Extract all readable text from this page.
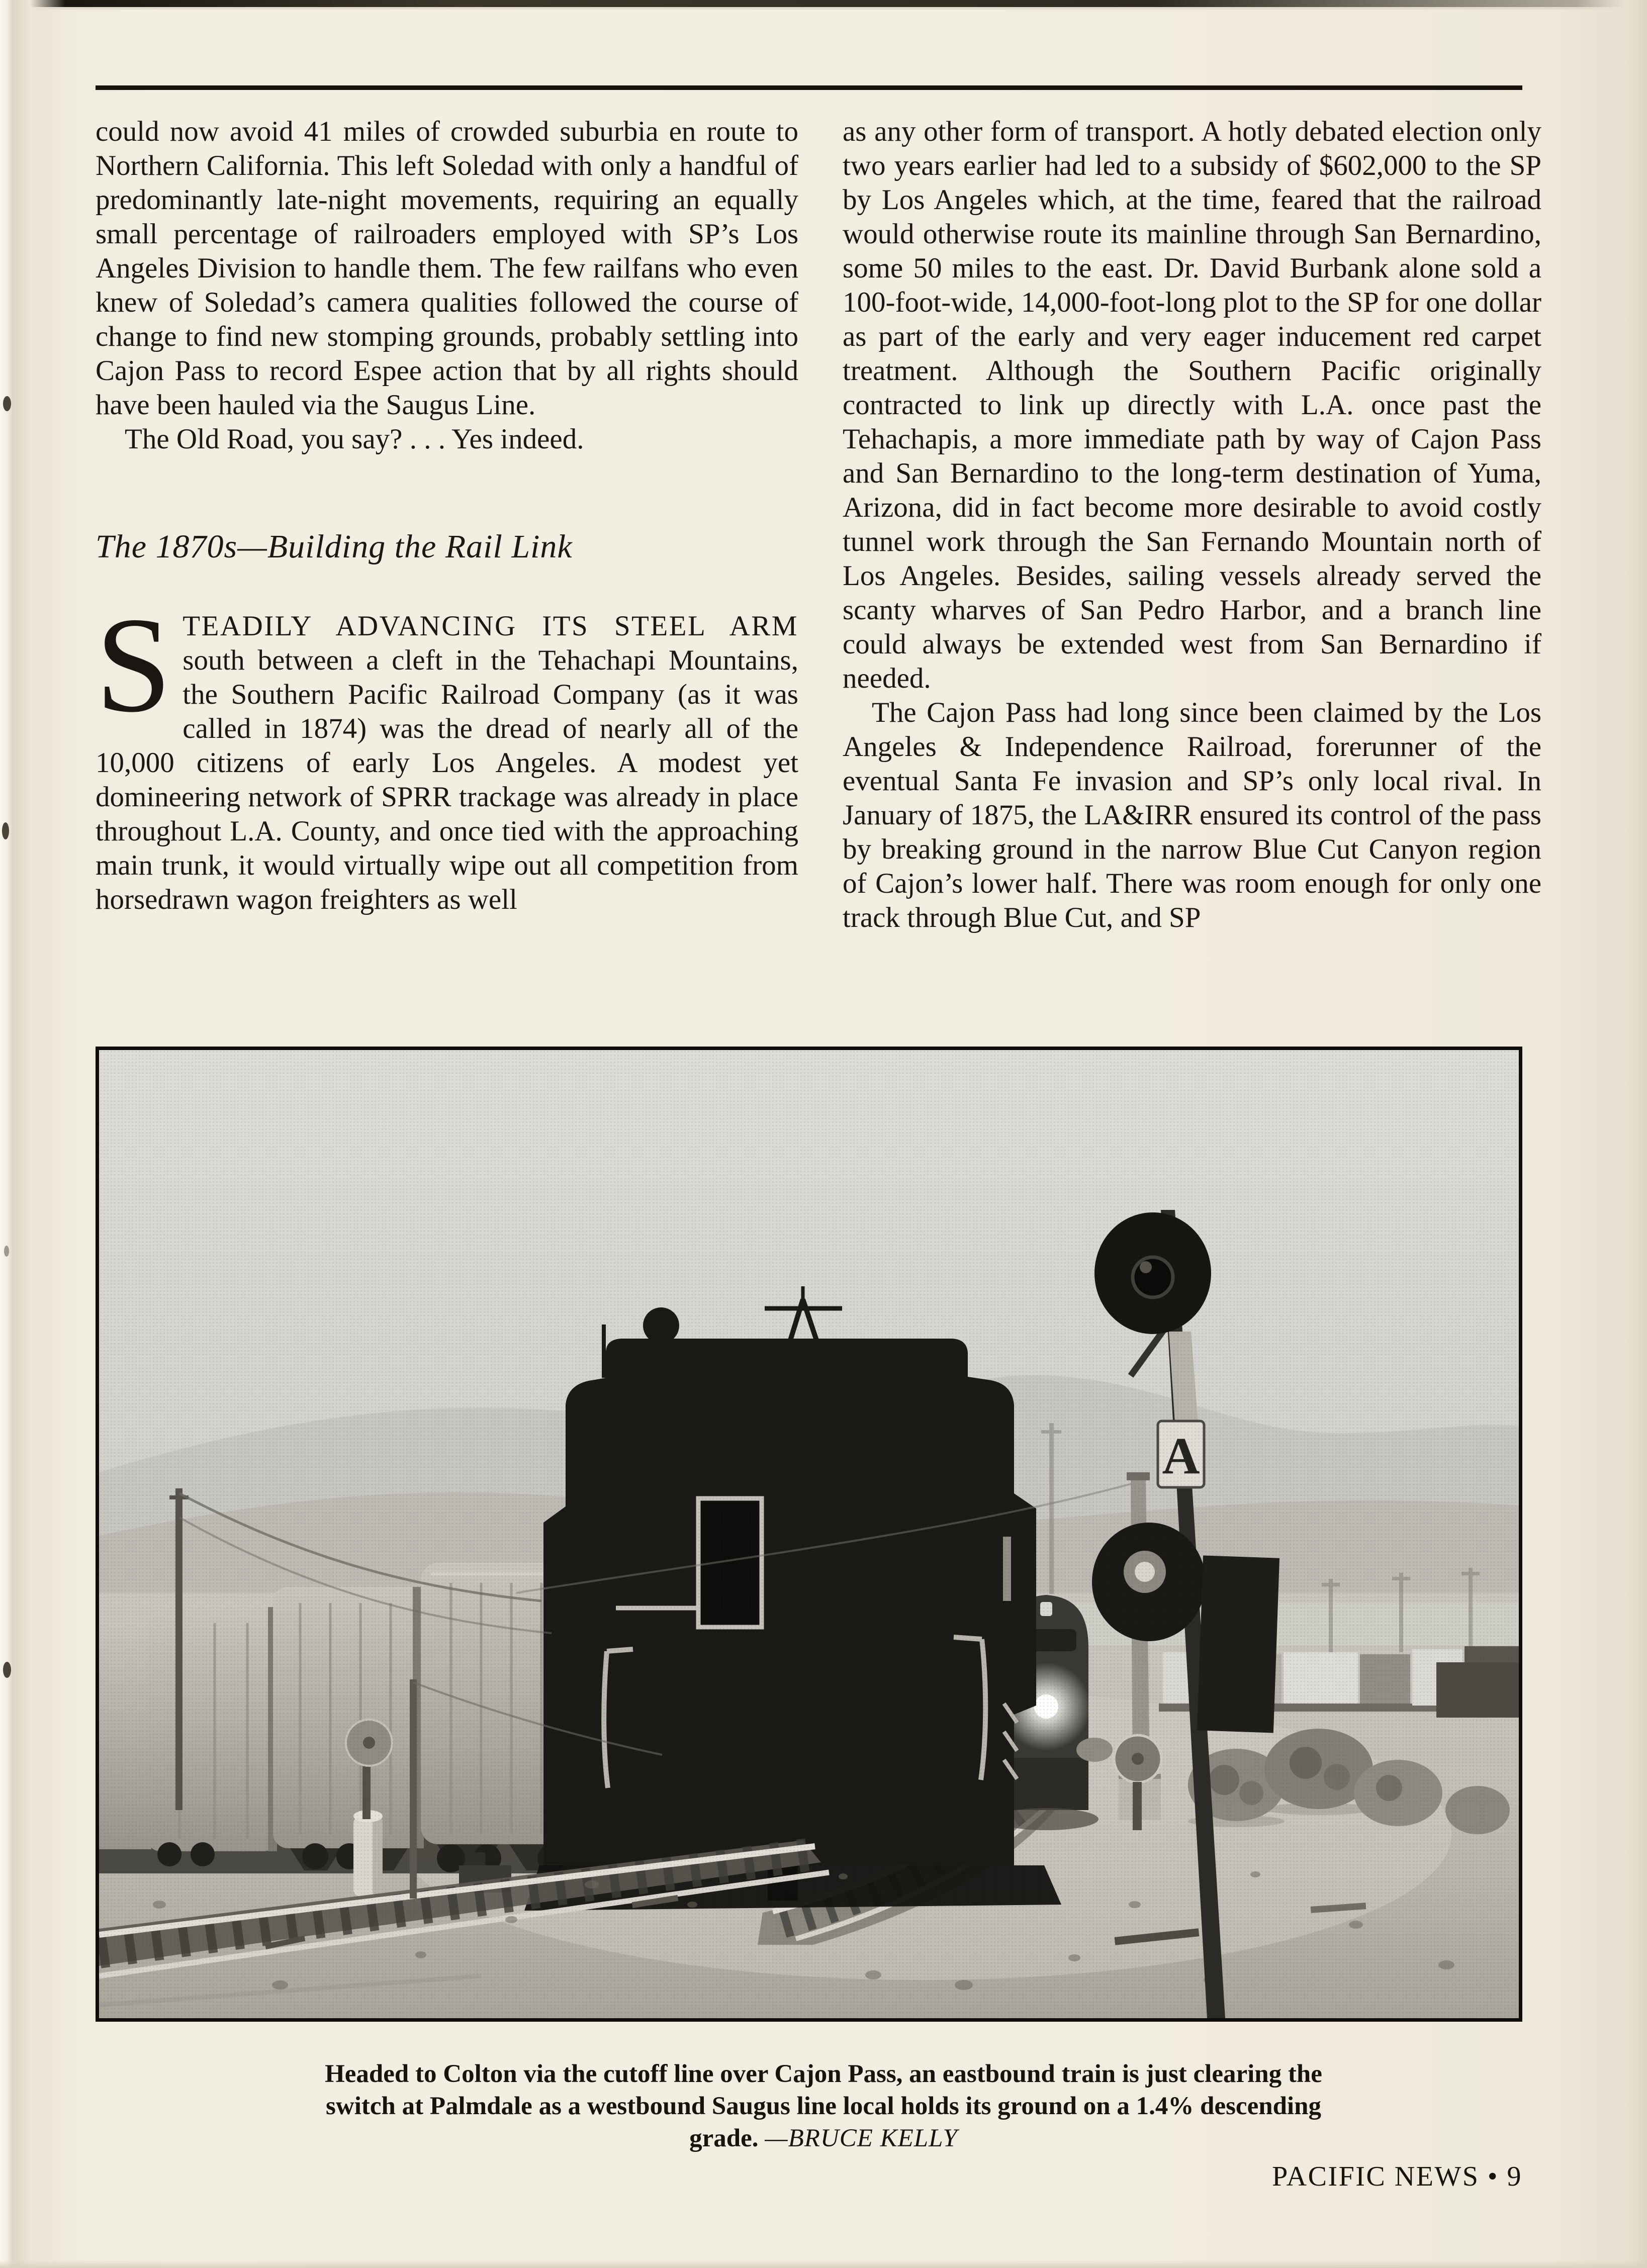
could now avoid 41 miles of crowded suburbia en route to Northern California. This left Soledad with only a handful of predominantly late-night movements, requiring an equally small percentage of railroaders employed with SP’s Los Angeles Division to handle them. The few railfans who even knew of Soledad’s camera qualities followed the course of change to find new stomping grounds, probably settling into Cajon Pass to record Espee action that by all rights should have been hauled via the Saugus Line.

The Old Road, you say? . . . Yes indeed.

The 1870s—Building the Rail Link

STEADILY ADVANCING ITS STEEL ARM south between a cleft in the Tehachapi Mountains, the Southern Pacific Railroad Company (as it was called in 1874) was the dread of nearly all of the 10,000 citizens of early Los Angeles. A modest yet domineering network of SPRR trackage was already in place throughout L.A. County, and once tied with the approaching main trunk, it would virtually wipe out all competition from horsedrawn wagon freighters as well

as any other form of transport. A hotly debated election only two years earlier had led to a subsidy of $602,000 to the SP by Los Angeles which, at the time, feared that the railroad would otherwise route its mainline through San Bernardino, some 50 miles to the east. Dr. David Burbank alone sold a 100-foot-wide, 14,000-foot-long plot to the SP for one dollar as part of the early and very eager inducement red carpet treatment. Although the Southern Pacific originally contracted to link up directly with L.A. once past the Tehachapis, a more immediate path by way of Cajon Pass and San Bernardino to the long-term destination of Yuma, Arizona, did in fact become more desirable to avoid costly tunnel work through the San Fernando Mountain north of Los Angeles. Besides, sailing vessels already served the scanty wharves of San Pedro Harbor, and a branch line could always be extended west from San Bernardino if needed.

The Cajon Pass had long since been claimed by the Los Angeles & Independence Railroad, forerunner of the eventual Santa Fe invasion and SP’s only local rival. In January of 1875, the LA&IRR ensured its control of the pass by breaking ground in the narrow Blue Cut Canyon region of Cajon’s lower half. There was room enough for only one track through Blue Cut, and SP

Headed to Colton via the cutoff line over Cajon Pass, an eastbound train is just clearing the switch at Palmdale as a westbound Saugus line local holds its ground on a 1.4% descending grade. —BRUCE KELLY
PACIFIC NEWS • 9
